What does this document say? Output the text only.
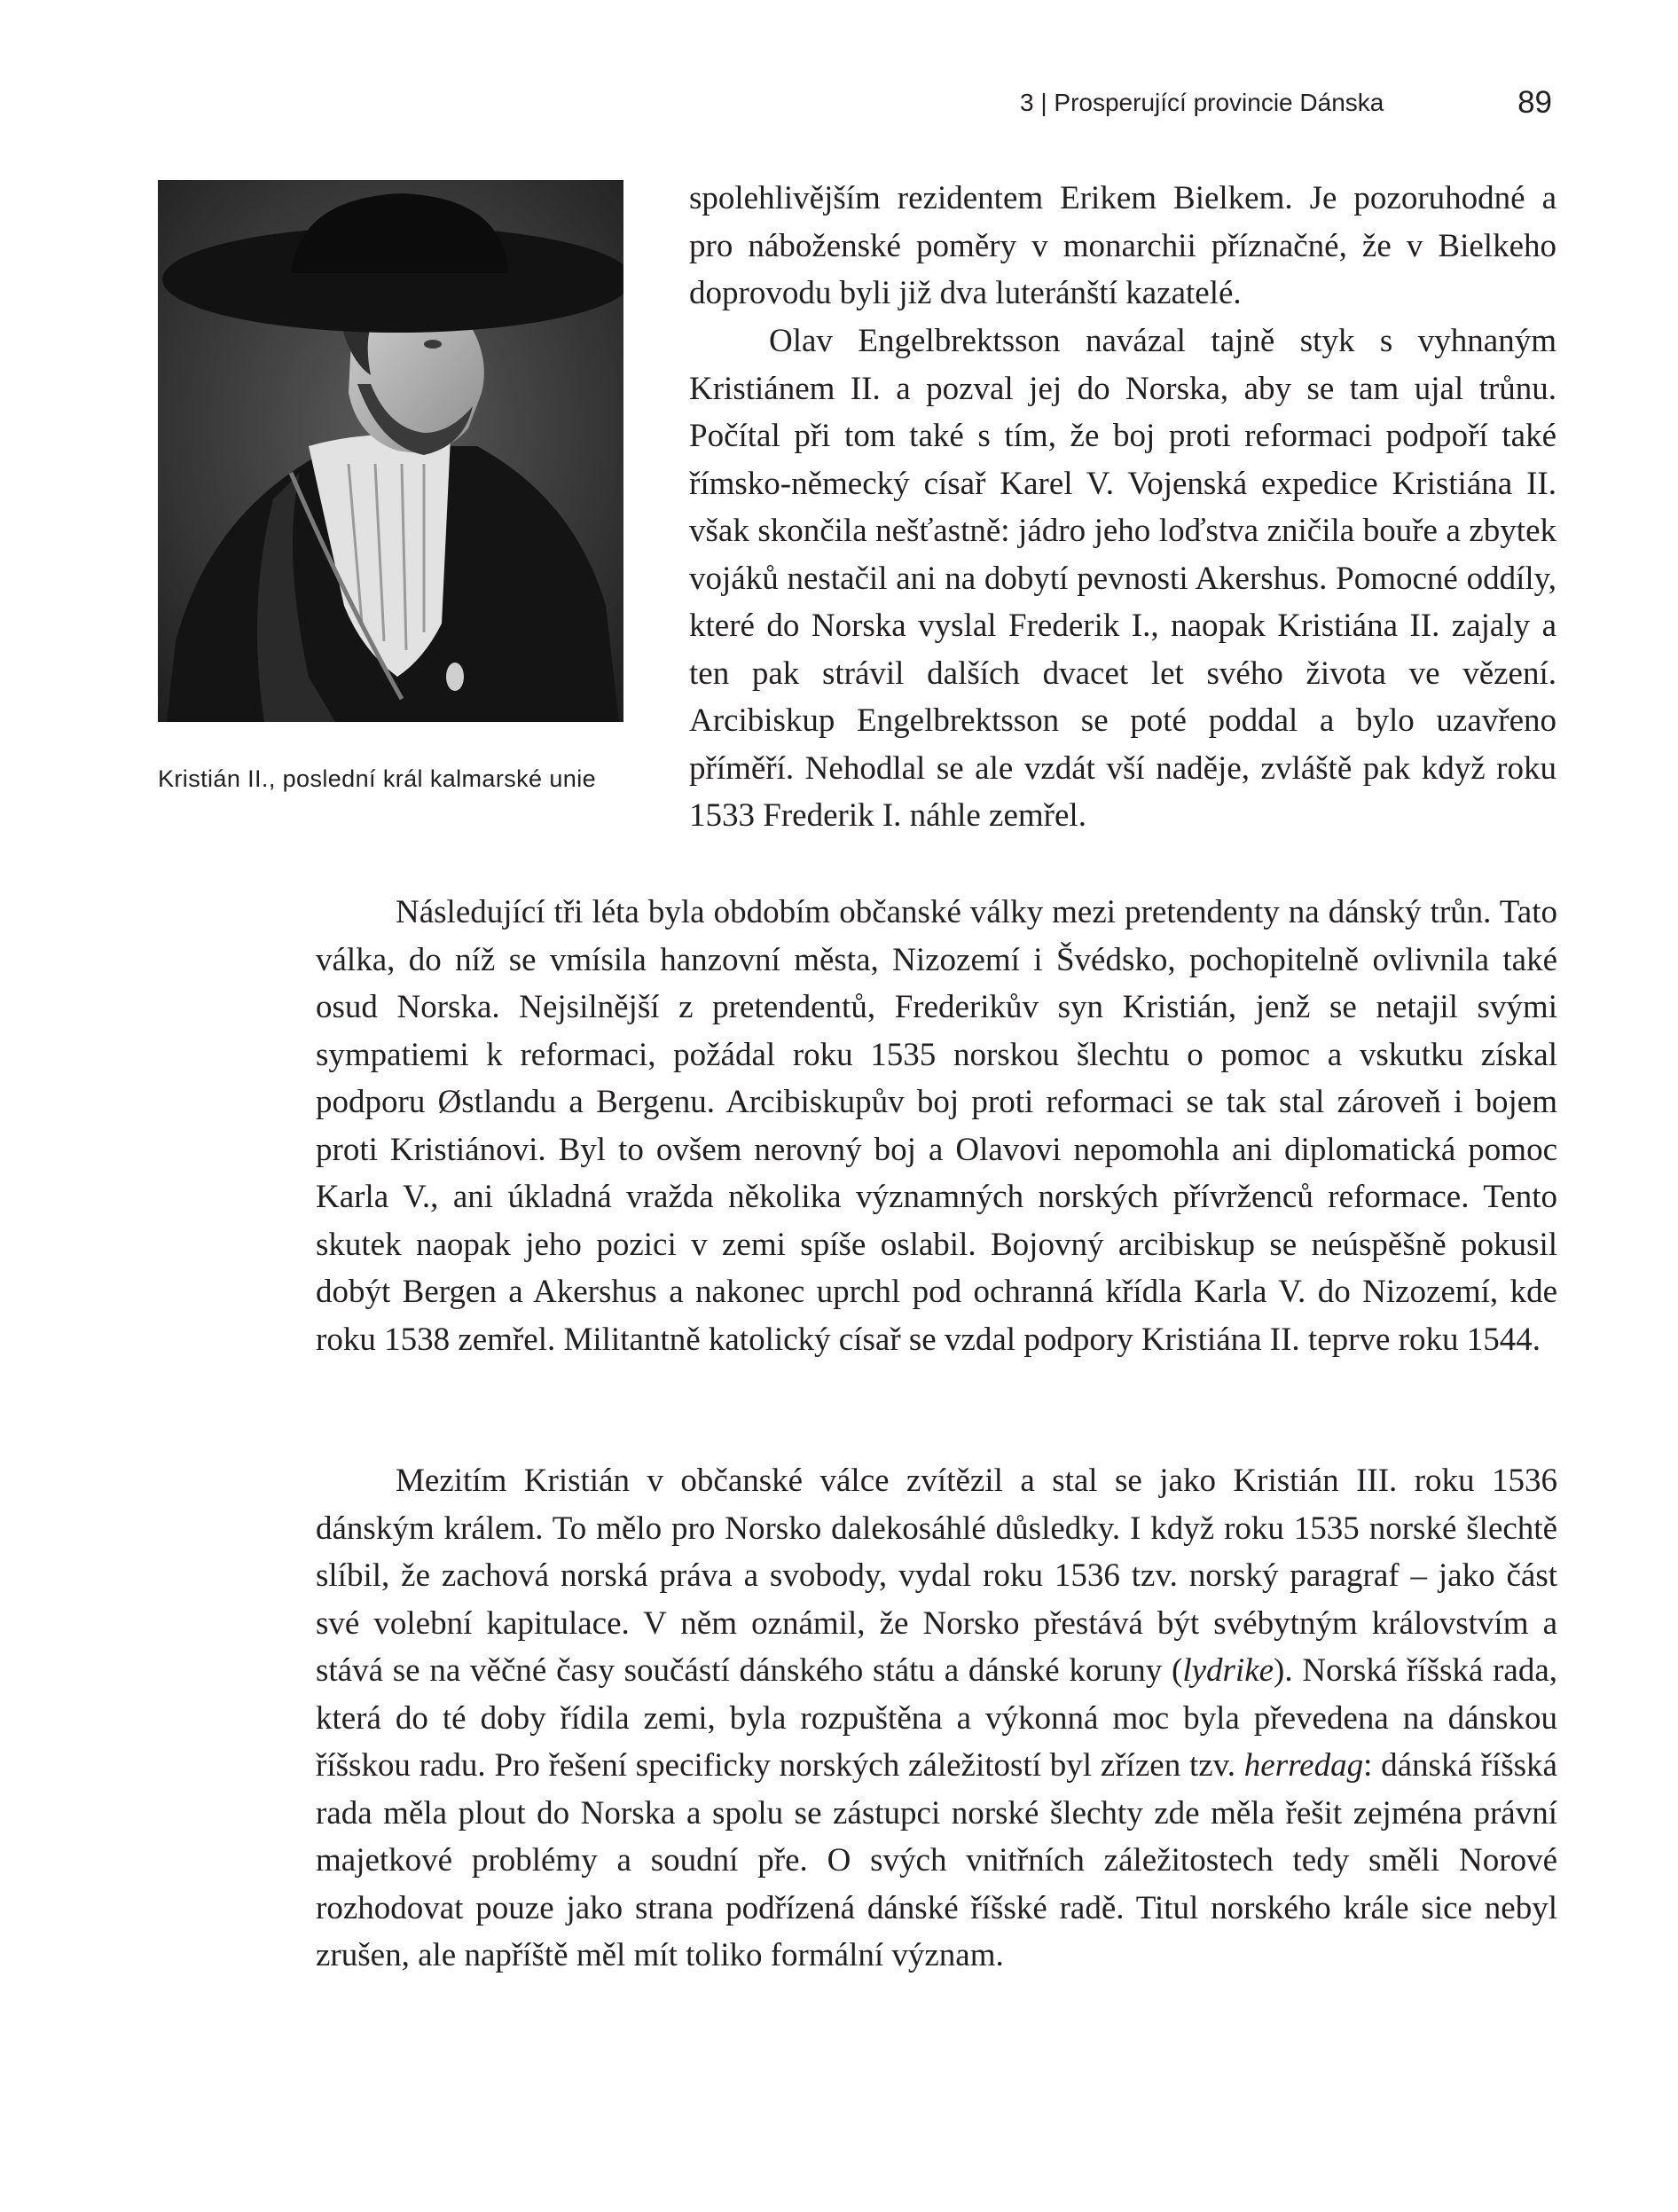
3 | Prosperující provincie Dánska	89
Kristián II., poslední král kalmarské unie

spolehlivějším rezidentem Erikem Bielkem. Je pozoruhodné a pro náboženské poměry v monarchii příznačné, že v Bielkeho doprovodu byli již dva luteránští kazatelé.

Olav Engelbrektsson navázal tajně styk s vyhnaným Kristiánem II. a pozval jej do Norska, aby se tam ujal trůnu. Počítal při tom také s tím, že boj proti reformaci podpoří také římsko-německý císař Karel V. Vojenská expedice Kristiána II. však skončila nešťastně: jádro jeho loďstva zničila bouře a zbytek vojáků nestačil ani na dobytí pevnosti Akershus. Pomocné oddíly, které do Norska vyslal Frederik I., naopak Kristiána II. zajaly a ten pak strávil dalších dvacet let svého života ve vězení. Arcibiskup Engelbrektsson se poté poddal a bylo uzavřeno příměří. Nehodlal se ale vzdát vší naděje, zvláště pak když roku 1533 Frederik I. náhle zemřel.

Následující tři léta byla obdobím občanské války mezi pretendenty na dánský trůn. Tato válka, do níž se vmísila hanzovní města, Nizozemí i Švédsko, pochopitelně ovlivnila také osud Norska. Nejsilnější z pretendentů, Frederikův syn Kristián, jenž se netajil svými sympatiemi k reformaci, požádal roku 1535 norskou šlechtu o pomoc a vskutku získal podporu Østlandu a Bergenu. Arcibiskupův boj proti reformaci se tak stal zároveň i bojem proti Kristiánovi. Byl to ovšem nerovný boj a Olavovi nepomohla ani diplomatická pomoc Karla V., ani úkladná vražda několika významných norských přívrženců reformace. Tento skutek naopak jeho pozici v zemi spíše oslabil. Bojovný arcibiskup se neúspěšně pokusil dobýt Bergen a Akershus a nakonec uprchl pod ochranná křídla Karla V. do Nizozemí, kde roku 1538 zemřel. Militantně katolický císař se vzdal podpory Kristiána II. teprve roku 1544.

Mezitím Kristián v občanské válce zvítězil a stal se jako Kristián III. roku 1536 dánským králem. To mělo pro Norsko dalekosáhlé důsledky. I když roku 1535 norské šlechtě slíbil, že zachová norská práva a svobody, vydal roku 1536 tzv. norský paragraf – jako část své volební kapitulace. V něm oznámil, že Norsko přestává být svébytným královstvím a stává se na věčné časy součástí dánského státu a dánské koruny (lydrike). Norská říšská rada, která do té doby řídila zemi, byla rozpuštěna a výkonná moc byla převedena na dánskou říšskou radu. Pro řešení specificky norských záležitostí byl zřízen tzv. herredag: dánská říšská rada měla plout do Norska a spolu se zástupci norské šlechty zde měla řešit zejména právní majetkové problémy a soudní pře. O svých vnitřních záležitostech tedy směli Norové rozhodovat pouze jako strana podřízená dánské říšské radě. Titul norského krále sice nebyl zrušen, ale napříště měl mít toliko formální význam.
